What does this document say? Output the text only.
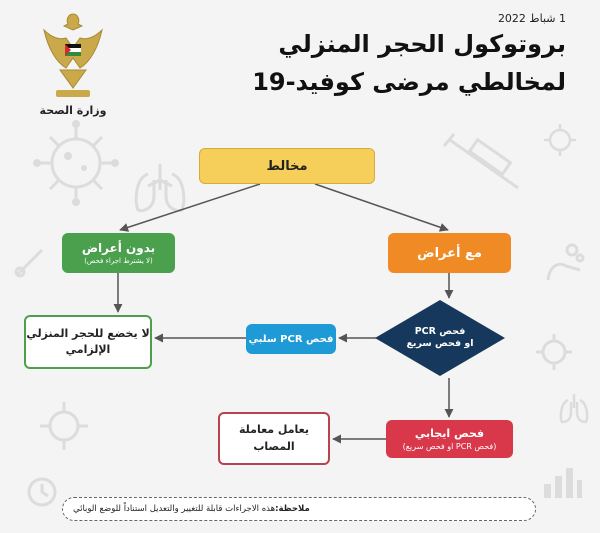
1 شباط 2022
بروتوكول الحجر المنزلي
لمخالطي مرضى كوفيد-19
وزارة الصحة
مخالط
بدون أعراض
(لا يشترط اجراء فحص)
مع أعراض
فحص PCR
او فحص سريع
فحص PCR سلبي
لا يخضع للحجر المنزلي
الإلزامي
فحص ايجابي
(فحص PCR او فحص سريع)
يعامل معاملة
المصاب
ملاحظة:
هذه الاجراءات قابلة للتغيير والتعديل استناداً للوضع الوبائي
